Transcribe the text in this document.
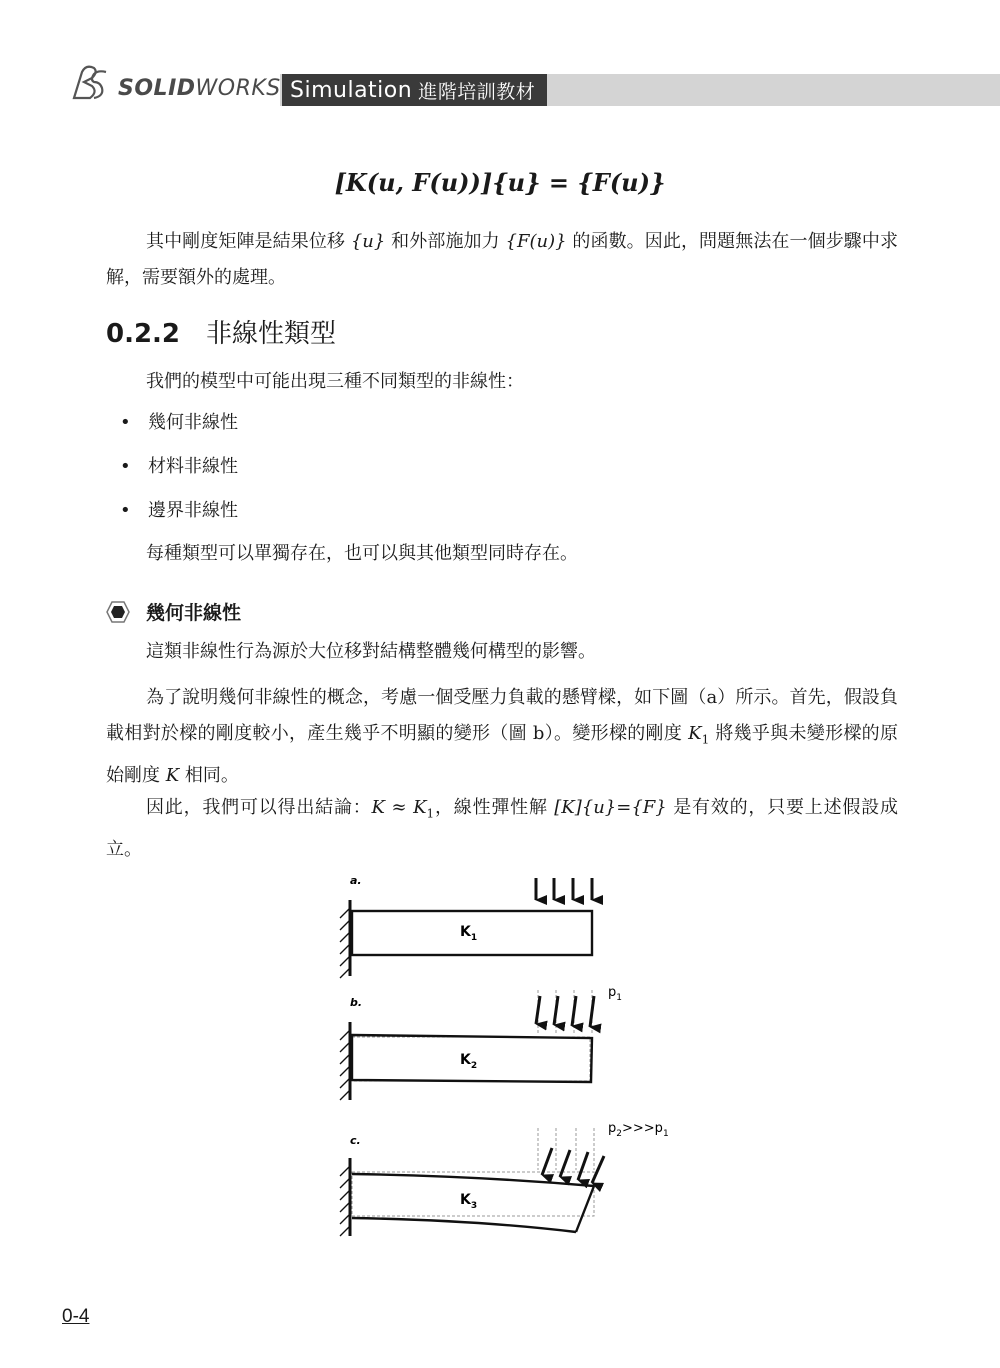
SOLIDWORKS Simulation 進階培訓教材
[K(u, F(u))]{u} = {F(u)}
其中剛度矩陣是結果位移 {u} 和外部施加力 {F(u)} 的函數。因此，問題無法在一個步驟中求解，需要額外的處理。
0.2.2 非線性類型
我們的模型中可能出現三種不同類型的非線性：
• 幾何非線性
• 材料非線性
• 邊界非線性
每種類型可以單獨存在，也可以與其他類型同時存在。
幾何非線性
這類非線性行為源於大位移對結構整體幾何構型的影響。
為了說明幾何非線性的概念，考慮一個受壓力負載的懸臂樑，如下圖（a）所示。首先，假設負載相對於樑的剛度較小，產生幾乎不明顯的變形（圖 b）。變形樑的剛度 $K_1$ 將幾乎與未變形樑的原始剛度 K 相同。
因此，我們可以得出結論：$K \approx K_1$，線性彈性解 [K]{u}={F} 是有效的，只要上述假設成立。
a.
$K_1$
b.
$p_1$
$K_2$
c.
$p_2>>>p_1$
$K_3$
0-4
